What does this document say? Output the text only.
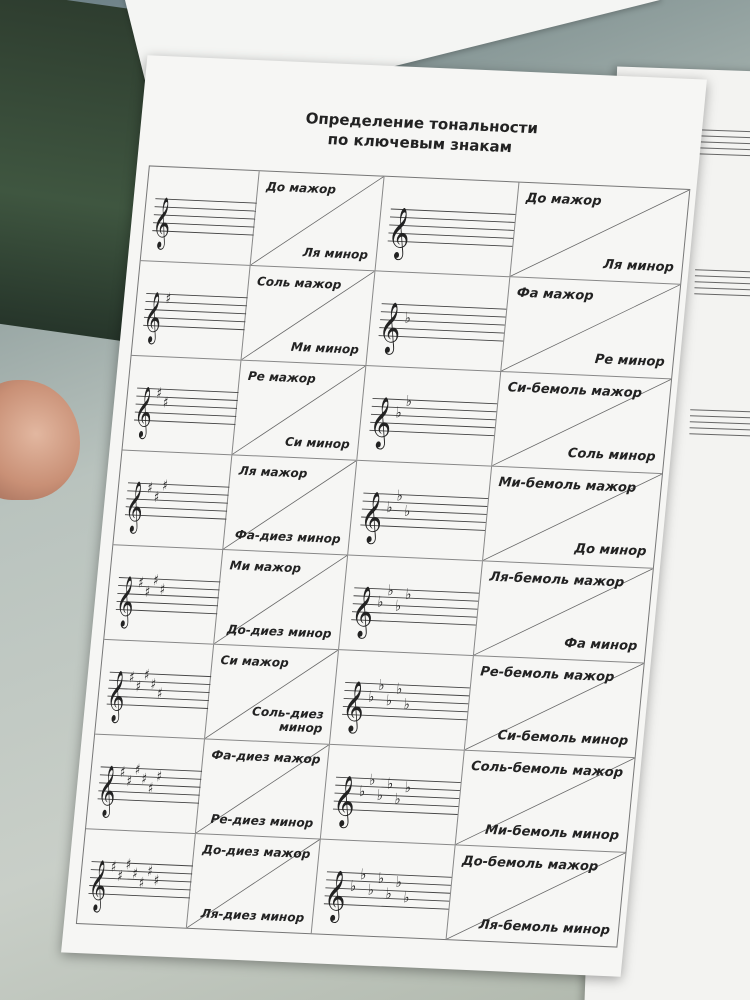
Определение тональности
по ключевым знакам
𝄞
До мажор
Ля минор 𝄞
До мажор
Ля минор
𝄞 ♯
Соль мажор
Ми минор 𝄞 ♭
Фа мажор
Ре минор
𝄞 ♯
♯
Ре мажор
Си минор 𝄞 ♭
♭
Си-бемоль мажор
Соль минор
𝄞 ♯
♯
♯
Ля мажор
Фа-диез минор 𝄞 ♭
♭
♭
Ми-бемоль мажор
До минор
𝄞 ♯
♯
♯
♯
Ми мажор
До-диез минор 𝄞 ♭
♭
♭
♭
Ля-бемоль мажор
Фа минор
𝄞 ♯
♯
♯
♯
♯
Си мажор
Соль-диез минор 𝄞 ♭
♭
♭
♭
♭
Ре-бемоль мажор
Си-бемоль минор
𝄞 ♯
♯
♯
♯
♯
♯
Фа-диез мажор
Ре-диез минор 𝄞 ♭
♭
♭
♭
♭
♭
Соль-бемоль мажор
Ми-бемоль минор
𝄞 ♯
♯
♯
♯
♯
♯
♯
До-диез мажор
Ля-диез минор 𝄞 ♭
♭
♭
♭
♭
♭
♭
До-бемоль мажор
Ля-бемоль минор
